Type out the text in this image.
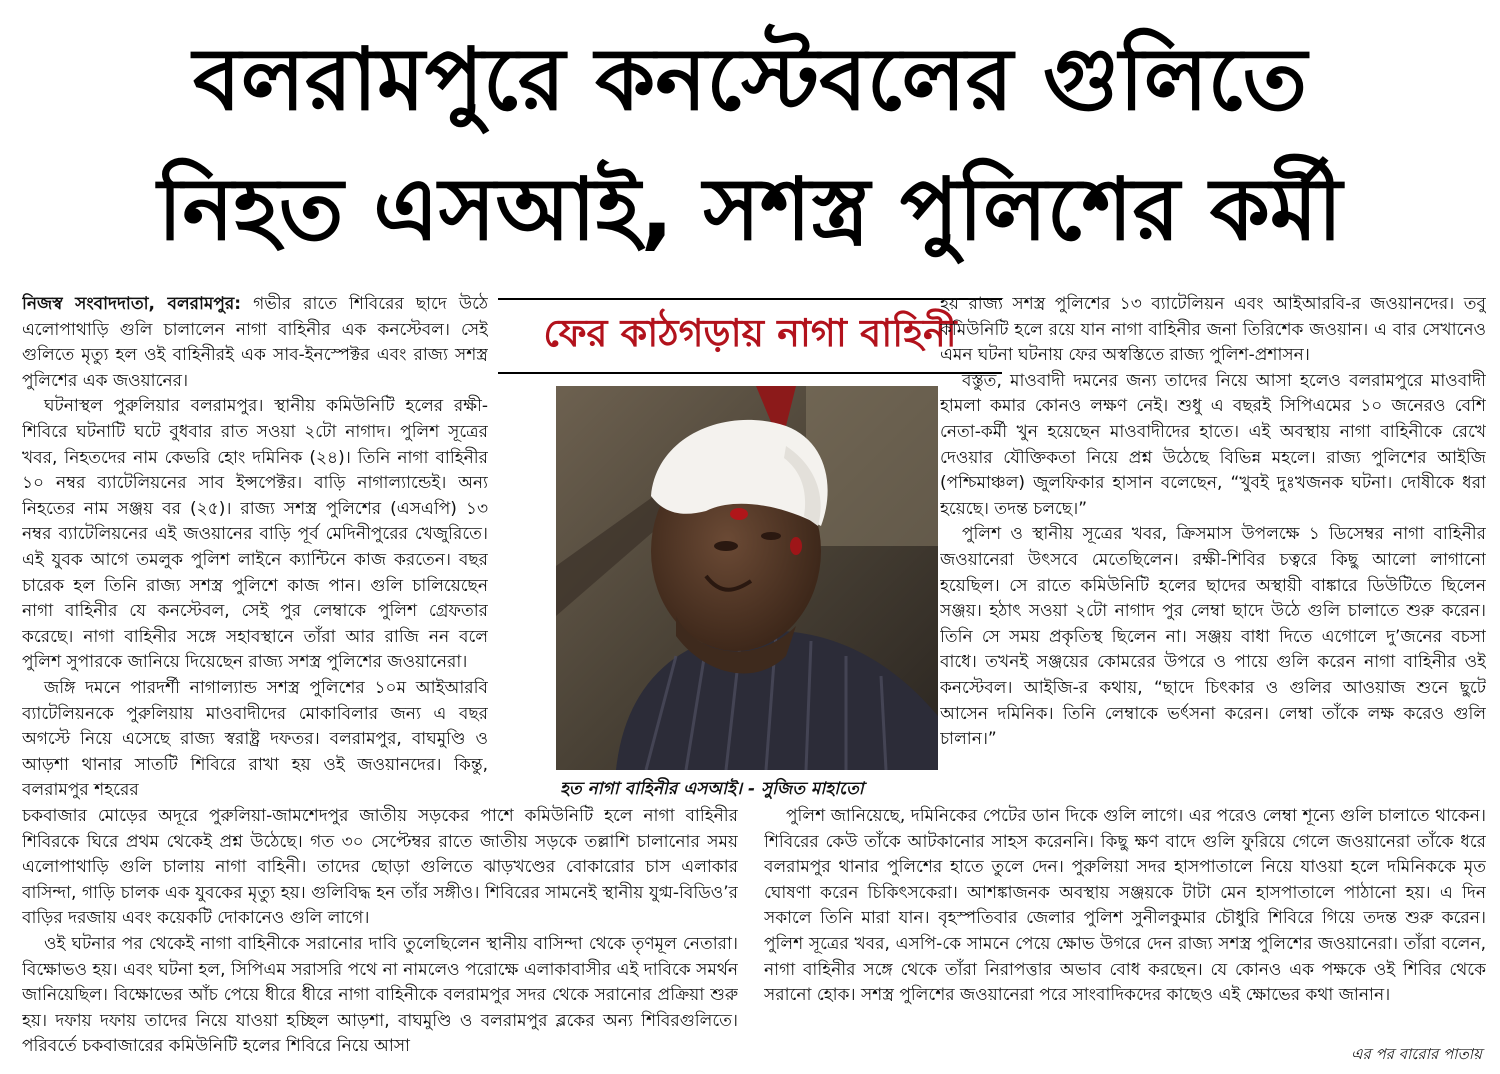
বলরামপুরে কনস্টেবলের গুলিতে
নিহত এসআই, সশস্ত্র পুলিশের কর্মী

নিজস্ব সংবাদদাতা, বলরামপুর: গভীর রাতে শিবিরের ছাদে উঠে এলোপাথাড়ি গুলি চালালেন নাগা বাহিনীর এক কনস্টেবল। সেই গুলিতে মৃত্যু হল ওই বাহিনীরই এক সাব-ইনস্পেক্টর এবং রাজ্য সশস্ত্র পুলিশের এক জওয়ানের।

ঘটনাস্থল পুরুলিয়ার বলরামপুর। স্থানীয় কমিউনিটি হলের রক্ষী-শিবিরে ঘটনাটি ঘটে বুধবার রাত সওয়া ২টো নাগাদ। পুলিশ সূত্রের খবর, নিহতদের নাম কেভরি হোং দমিনিক (২৪)। তিনি নাগা বাহিনীর ১০ নম্বর ব্যাটেলিয়নের সাব ইন্সপেক্টর। বাড়ি নাগাল্যান্ডেই। অন্য নিহতের নাম সঞ্জয় বর (২৫)। রাজ্য সশস্ত্র পুলিশের (এসএপি) ১৩ নম্বর ব্যাটেলিয়নের এই জওয়ানের বাড়ি পূর্ব মেদিনীপুরের খেজুরিতে। এই যুবক আগে তমলুক পুলিশ লাইনে ক্যান্টিনে কাজ করতেন। বছর চারেক হল তিনি রাজ্য সশস্ত্র পুলিশে কাজ পান। গুলি চালিয়েছেন নাগা বাহিনীর যে কনস্টেবল, সেই পুর লেম্বাকে পুলিশ গ্রেফতার করেছে। নাগা বাহিনীর সঙ্গে সহাবস্থানে তাঁরা আর রাজি নন বলে পুলিশ সুপারকে জানিয়ে দিয়েছেন রাজ্য সশস্ত্র পুলিশের জওয়ানেরা।

জঙ্গি দমনে পারদর্শী নাগাল্যান্ড সশস্ত্র পুলিশের ১০ম আইআরবি ব্যাটেলিয়নকে পুরুলিয়ায় মাওবাদীদের মোকাবিলার জন্য এ বছর অগস্টে নিয়ে এসেছে রাজ্য স্বরাষ্ট্র দফতর। বলরামপুর, বাঘমুণ্ডি ও আড়শা থানার সাতটি শিবিরে রাখা হয় ওই জওয়ানদের। কিন্তু, বলরামপুর শহরের

ফের কাঠগড়ায় নাগা বাহিনী
হত নাগা বাহিনীর এসআই। - সুজিত মাহাতো

হয় রাজ্য সশস্ত্র পুলিশের ১৩ ব্যাটেলিয়ন এবং আইআরবি-র জওয়ানদের। তবু কমিউনিটি হলে রয়ে যান নাগা বাহিনীর জনা তিরিশেক জওয়ান। এ বার সেখানেও এমন ঘটনা ঘটনায় ফের অস্বস্তিতে রাজ্য পুলিশ-প্রশাসন।

বস্তুত, মাওবাদী দমনের জন্য তাদের নিয়ে আসা হলেও বলরামপুরে মাওবাদী হামলা কমার কোনও লক্ষণ নেই। শুধু এ বছরই সিপিএমের ১০ জনেরও বেশি নেতা-কর্মী খুন হয়েছেন মাওবাদীদের হাতে। এই অবস্থায় নাগা বাহিনীকে রেখে দেওয়ার যৌক্তিকতা নিয়ে প্রশ্ন উঠেছে বিভিন্ন মহলে। রাজ্য পুলিশের আইজি (পশ্চিমাঞ্চল) জুলফিকার হাসান বলেছেন, “খুবই দুঃখজনক ঘটনা। দোষীকে ধরা হয়েছে। তদন্ত চলছে।”

পুলিশ ও স্থানীয় সূত্রের খবর, ক্রিসমাস উপলক্ষে ১ ডিসেম্বর নাগা বাহিনীর জওয়ানেরা উৎসবে মেতেছিলেন। রক্ষী-শিবির চত্বরে কিছু আলো লাগানো হয়েছিল। সে রাতে কমিউনিটি হলের ছাদের অস্থায়ী বাঙ্কারে ডিউটিতে ছিলেন সঞ্জয়। হঠাৎ সওয়া ২টো নাগাদ পুর লেম্বা ছাদে উঠে গুলি চালাতে শুরু করেন। তিনি সে সময় প্রকৃতিস্থ ছিলেন না। সঞ্জয় বাধা দিতে এগোলে দু’জনের বচসা বাধে। তখনই সঞ্জয়ের কোমরের উপরে ও পায়ে গুলি করেন নাগা বাহিনীর ওই কনস্টেবল। আইজি-র কথায়, “ছাদে চিৎকার ও গুলির আওয়াজ শুনে ছুটে আসেন দমিনিক। তিনি লেম্বাকে ভর্ৎসনা করেন। লেম্বা তাঁকে লক্ষ করেও গুলি চালান।”

চকবাজার মোড়ের অদূরে পুরুলিয়া-জামশেদপুর জাতীয় সড়কের পাশে কমিউনিটি হলে নাগা বাহিনীর শিবিরকে ঘিরে প্রথম থেকেই প্রশ্ন উঠেছে। গত ৩০ সেপ্টেম্বর রাতে জাতীয় সড়কে তল্লাশি চালানোর সময় এলোপাথাড়ি গুলি চালায় নাগা বাহিনী। তাদের ছোড়া গুলিতে ঝাড়খণ্ডের বোকারোর চাস এলাকার বাসিন্দা, গাড়ি চালক এক যুবকের মৃত্যু হয়। গুলিবিদ্ধ হন তাঁর সঙ্গীও। শিবিরের সামনেই স্থানীয় যুগ্ম-বিডিও’র বাড়ির দরজায় এবং কয়েকটি দোকানেও গুলি লাগে।

ওই ঘটনার পর থেকেই নাগা বাহিনীকে সরানোর দাবি তুলেছিলেন স্থানীয় বাসিন্দা থেকে তৃণমূল নেতারা। বিক্ষোভও হয়। এবং ঘটনা হল, সিপিএম সরাসরি পথে না নামলেও পরোক্ষে এলাকাবাসীর এই দাবিকে সমর্থন জানিয়েছিল। বিক্ষোভের আঁচ পেয়ে ধীরে ধীরে নাগা বাহিনীকে বলরামপুর সদর থেকে সরানোর প্রক্রিয়া শুরু হয়। দফায় দফায় তাদের নিয়ে যাওয়া হচ্ছিল আড়শা, বাঘমুণ্ডি ও বলরামপুর ব্লকের অন্য শিবিরগুলিতে। পরিবর্তে চকবাজারের কমিউনিটি হলের শিবিরে নিয়ে আসা

পুলিশ জানিয়েছে, দমিনিকের পেটের ডান দিকে গুলি লাগে। এর পরেও লেম্বা শূন্যে গুলি চালাতে থাকেন। শিবিরের কেউ তাঁকে আটকানোর সাহস করেননি। কিছু ক্ষণ বাদে গুলি ফুরিয়ে গেলে জওয়ানেরা তাঁকে ধরে বলরামপুর থানার পুলিশের হাতে তুলে দেন। পুরুলিয়া সদর হাসপাতালে নিয়ে যাওয়া হলে দমিনিককে মৃত ঘোষণা করেন চিকিৎসকেরা। আশঙ্কাজনক অবস্থায় সঞ্জয়কে টাটা মেন হাসপাতালে পাঠানো হয়। এ দিন সকালে তিনি মারা যান। বৃহস্পতিবার জেলার পুলিশ সুনীলকুমার চৌধুরি শিবিরে গিয়ে তদন্ত শুরু করেন। পুলিশ সূত্রের খবর, এসপি-কে সামনে পেয়ে ক্ষোভ উগরে দেন রাজ্য সশস্ত্র পুলিশের জওয়ানেরা। তাঁরা বলেন, নাগা বাহিনীর সঙ্গে থেকে তাঁরা নিরাপত্তার অভাব বোধ করছেন। যে কোনও এক পক্ষকে ওই শিবির থেকে সরানো হোক। সশস্ত্র পুলিশের জওয়ানেরা পরে সাংবাদিকদের কাছেও এই ক্ষোভের কথা জানান।

এর পর বারোর পাতায়
